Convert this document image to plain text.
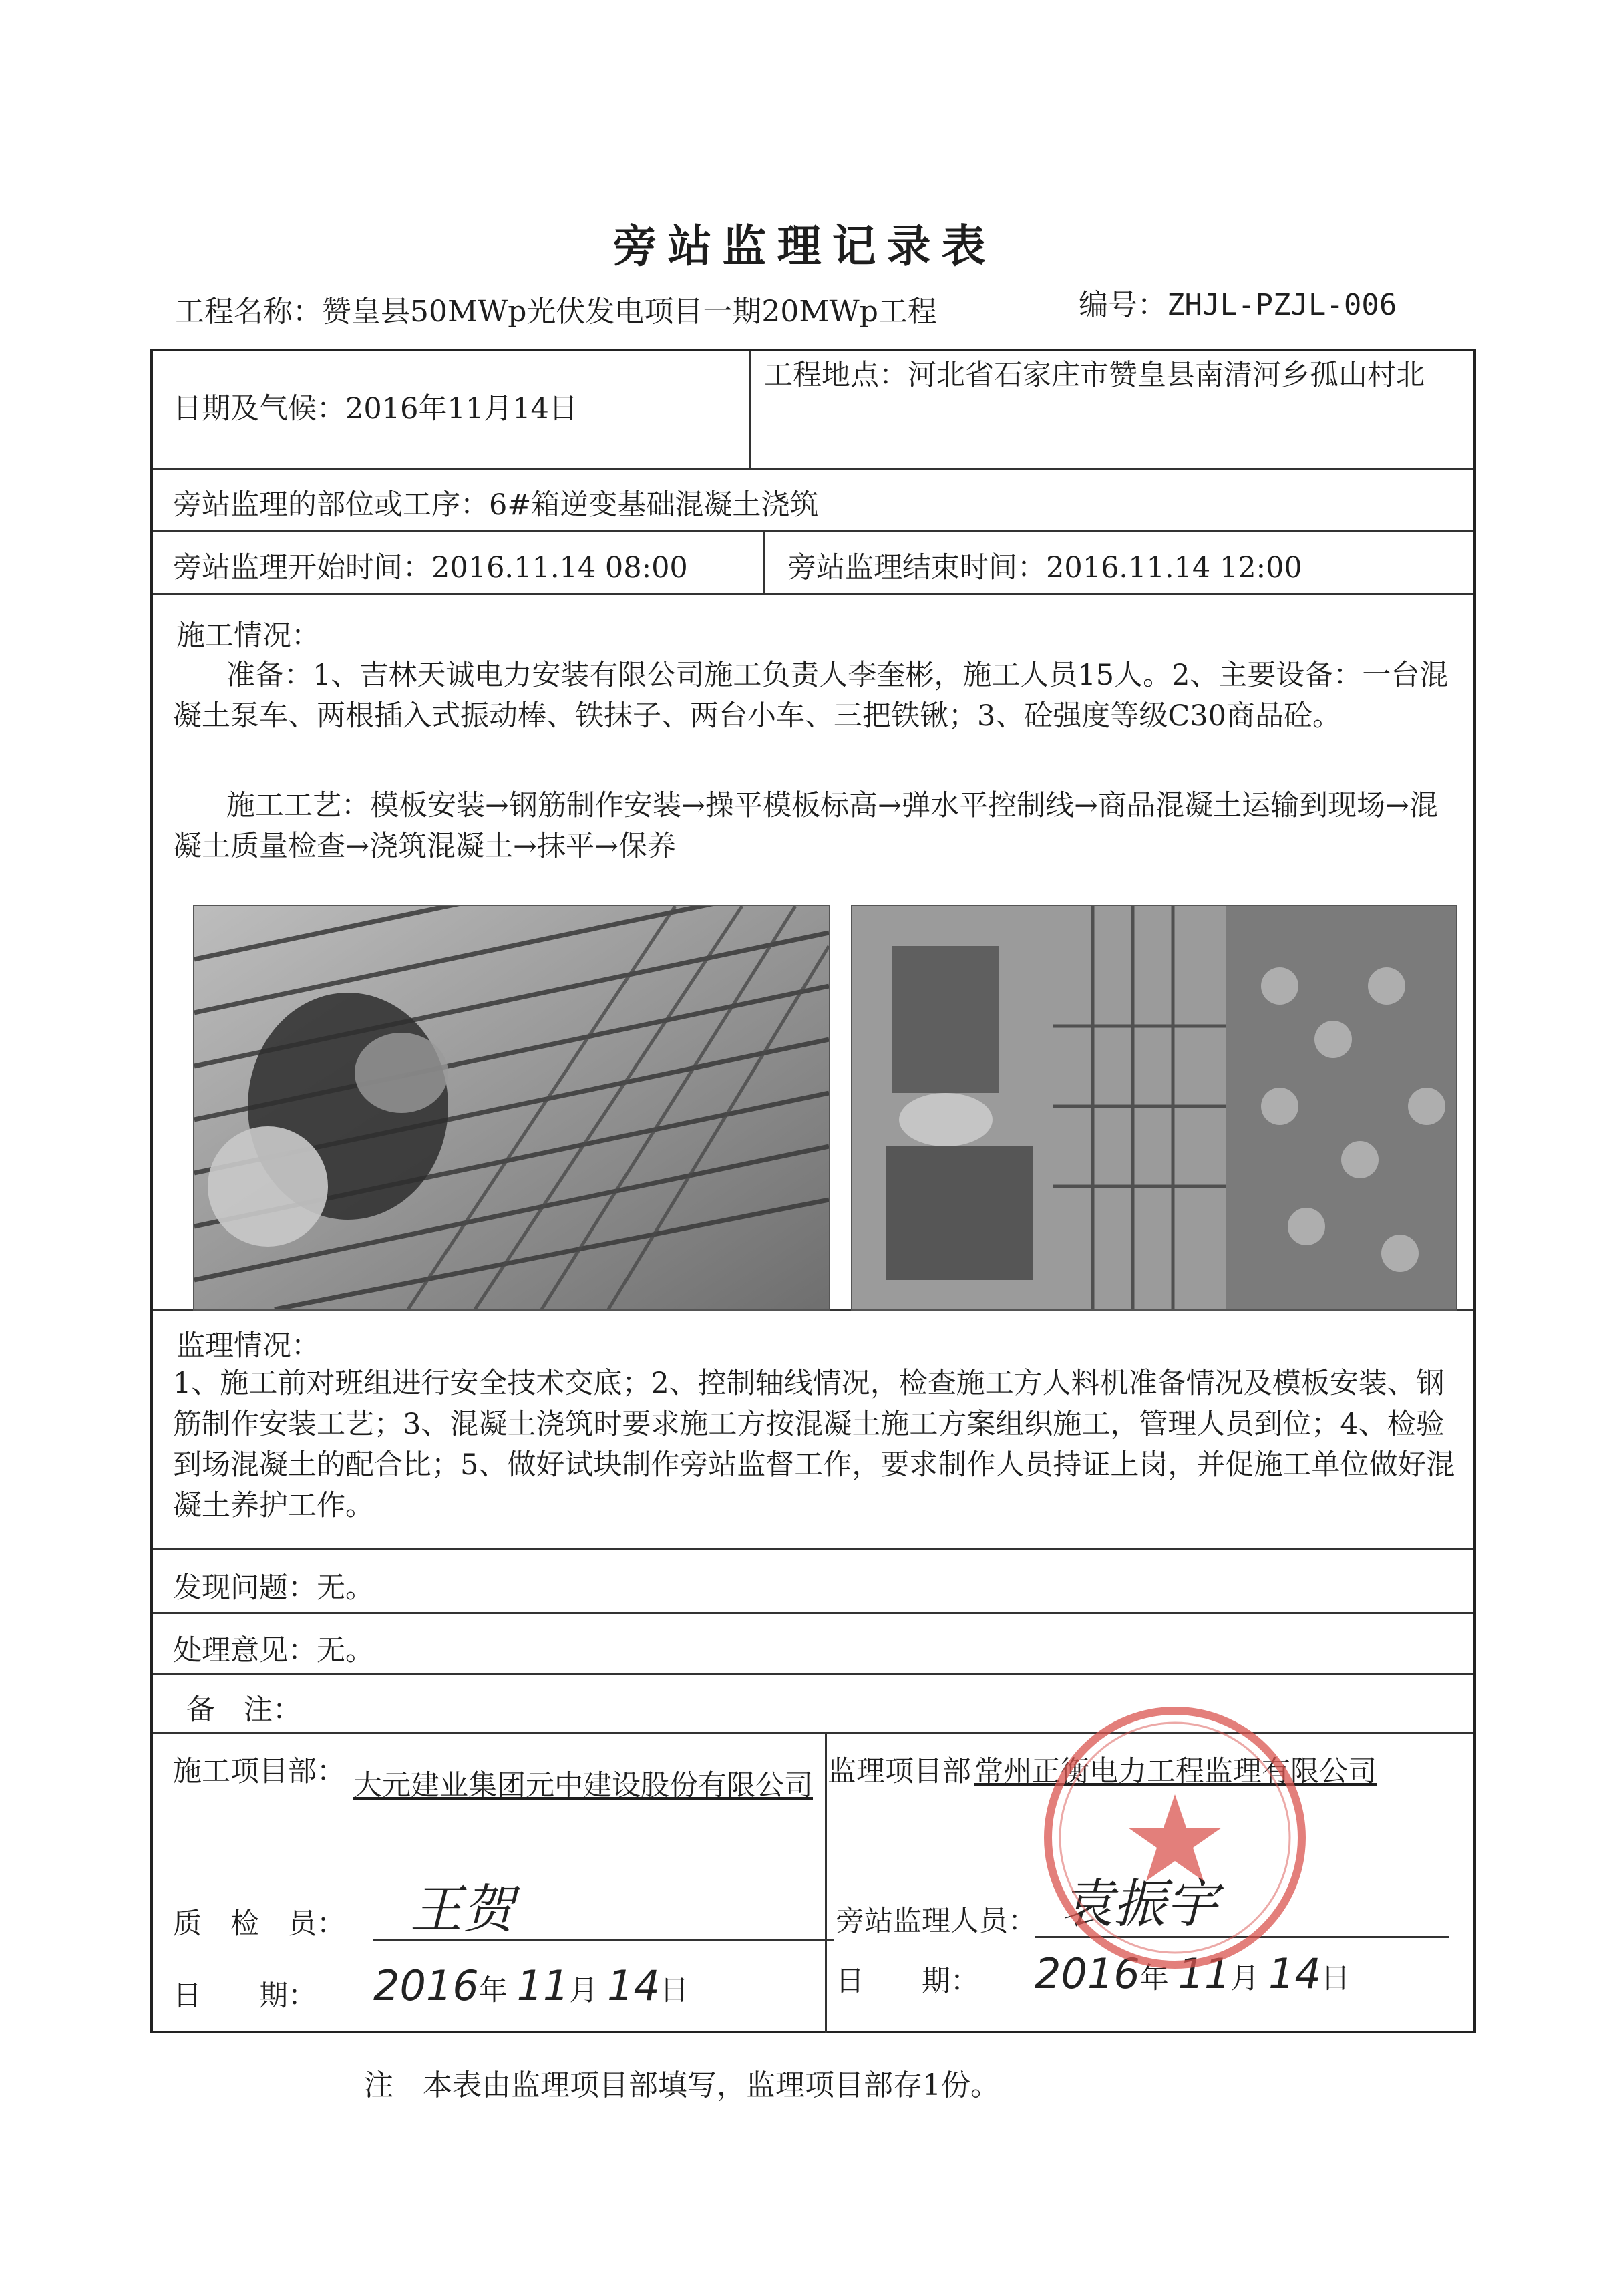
旁站监理记录表
工程名称：赞皇县50MWp光伏发电项目一期20MWp工程	编号：ZHJL-PZJL-006
日期及气候：2016年11月14日
工程地点：河北省石家庄市赞皇县南清河乡孤山村北
旁站监理的部位或工序：6#箱逆变基础混凝土浇筑
旁站监理开始时间：2016.11.14 08:00	旁站监理结束时间：2016.11.14 12:00
施工情况：
准备：1、吉林天诚电力安装有限公司施工负责人李奎彬，施工人员15人。2、主要设备：一台混凝土泵车、两根插入式振动棒、铁抹子、两台小车、三把铁锹；3、砼强度等级C30商品砼。
施工工艺：模板安装→钢筋制作安装→操平模板标高→弹水平控制线→商品混凝土运输到现场→混凝土质量检查→浇筑混凝土→抹平→保养
监理情况：
1、施工前对班组进行安全技术交底；2、控制轴线情况，检查施工方人料机准备情况及模板安装、钢筋制作安装工艺；3、混凝土浇筑时要求施工方按混凝土施工方案组织施工，管理人员到位；4、检验到场混凝土的配合比；5、做好试块制作旁站监督工作，要求制作人员持证上岗，并促施工单位做好混凝土养护工作。
发现问题：无。
处理意见：无。
备　注：
施工项目部： 大元建业集团元中建设股份有限公司
质　检　员： 王贺
日　　期： 2016年 11月 14日
监理项目部 常州正衡电力工程监理有限公司
旁站监理人员： 袁振宇
日　　期： 2016年 11月 14日
注　本表由监理项目部填写，监理项目部存1份。
